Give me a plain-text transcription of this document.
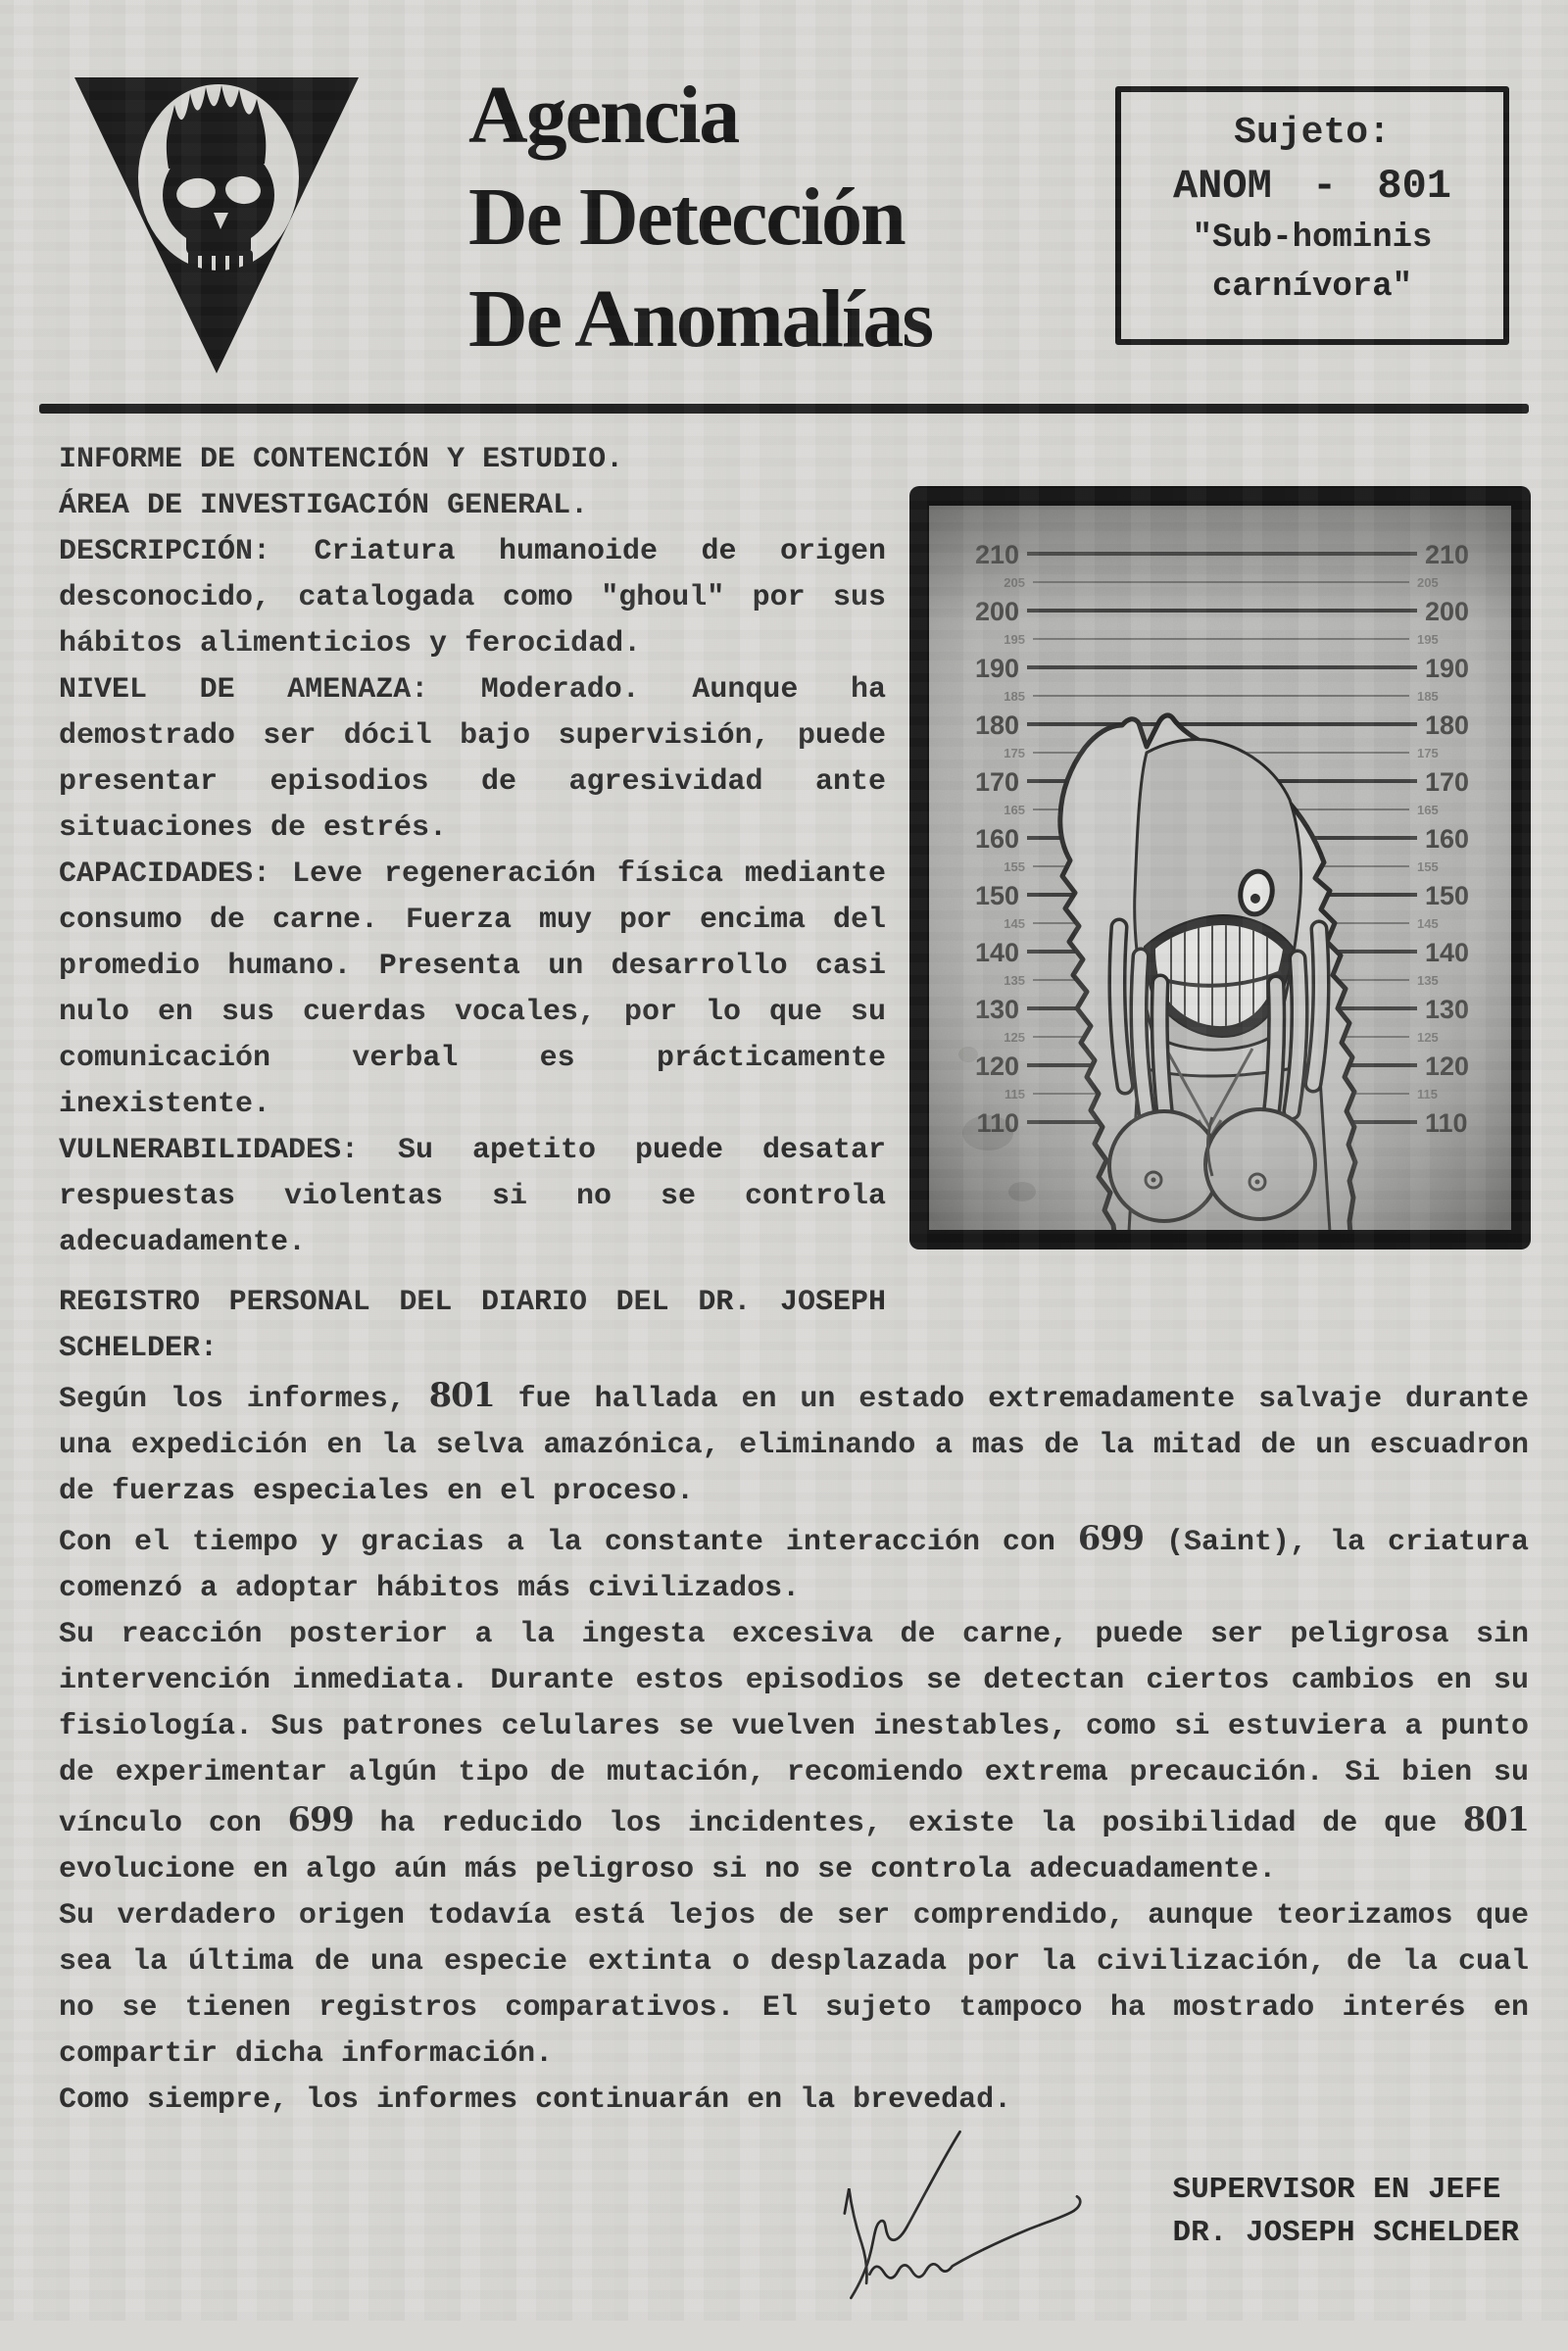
Agencia
De Detección
De Anomalías
Sujeto:
ANOM - 801
"Sub-hominis
carnívora"

INFORME DE CONTENCIÓN Y ESTUDIO.

ÁREA DE INVESTIGACIÓN GENERAL.

DESCRIPCIÓN: Criatura humanoide de origen desconocido, catalogada como "ghoul" por sus hábitos alimenticios y ferocidad.

NIVEL DE AMENAZA: Moderado. Aunque ha demostrado ser dócil bajo supervisión, puede presentar episodios de agresividad ante situaciones de estrés.

CAPACIDADES: Leve regeneración física mediante consumo de carne. Fuerza muy por encima del promedio humano. Presenta un desarrollo casi nulo en sus cuerdas vocales, por lo que su comunicación verbal es prácticamente inexistente.

VULNERABILIDADES: Su apetito puede desatar respuestas violentas si no se controla adecuadamente.

REGISTRO PERSONAL DEL DIARIO DEL DR. JOSEPH SCHELDER:

Según los informes, 801 fue hallada en un estado extremadamente salvaje durante una expedición en la selva amazónica, eliminando a mas de la mitad de un escuadron de fuerzas especiales en el proceso.

Con el tiempo y gracias a la constante interacción con 699 (Saint), la criatura comenzó a adoptar hábitos más civilizados.

Su reacción posterior a la ingesta excesiva de carne, puede ser peligrosa sin intervención inmediata. Durante estos episodios se detectan ciertos cambios en su fisiología. Sus patrones celulares se vuelven inestables, como si estuviera a punto de experimentar algún tipo de mutación, recomiendo extrema precaución. Si bien su vínculo con 699 ha reducido los incidentes, existe la posibilidad de que 801 evolucione en algo aún más peligroso si no se controla adecuadamente.

Su verdadero origen todavía está lejos de ser comprendido, aunque teorizamos que sea la última de una especie extinta o desplazada por la civilización, de la cual no se tienen registros comparativos. El sujeto tampoco ha mostrado interés en compartir dicha información.

Como siempre, los informes continuarán en la brevedad.

SUPERVISOR EN JEFE
DR. JOSEPH SCHELDER
